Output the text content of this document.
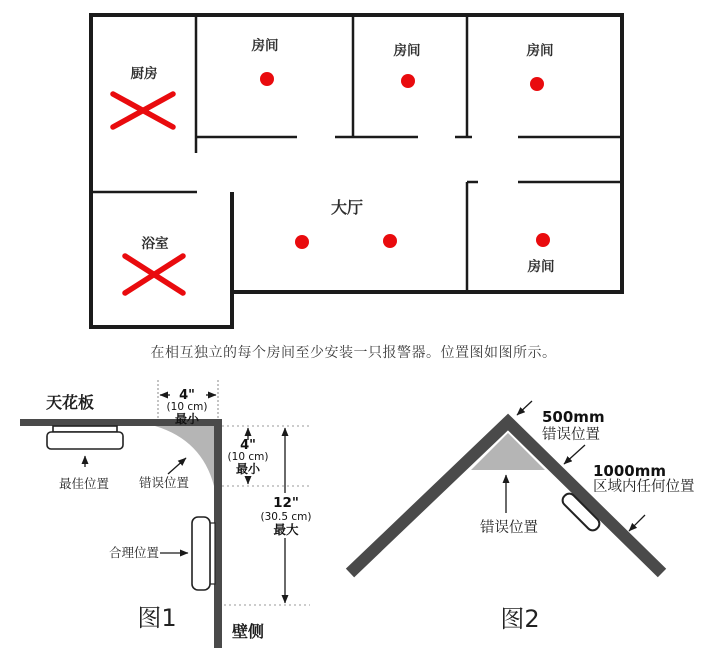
厨房
房间	房间	房间
大厅
浴室
房间
在相互独立的每个房间至少安装一只报警器。位置图如图所示。
天花板	4"
(10 cm)
最小
4"
(10 cm)
最小
12"
(30.5 cm)
最大
最佳位置 错误位置
合理位置
图1	壁侧
500mm
错误位置
1000mm
区域内任何位置
错误位置
图2
